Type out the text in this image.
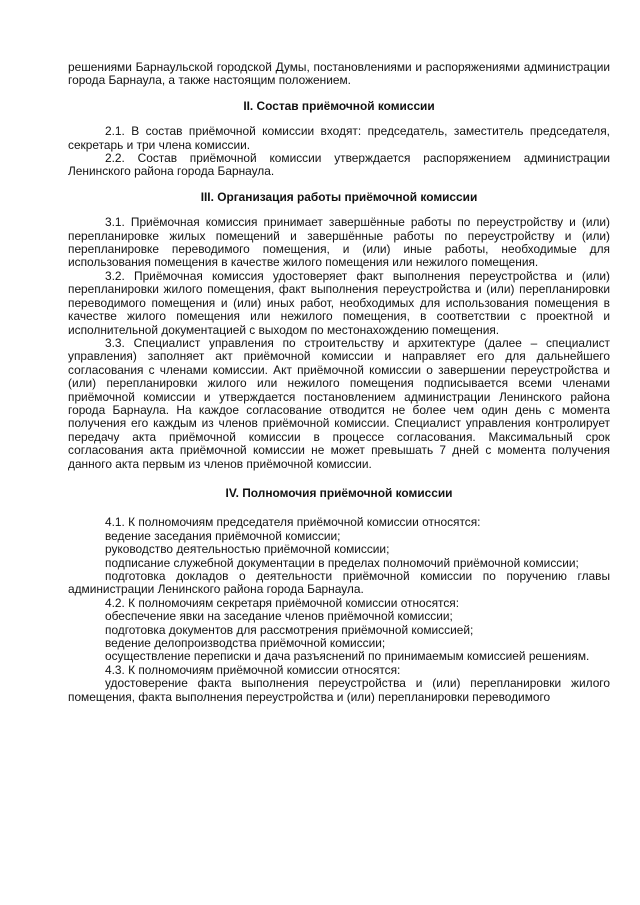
решениями Барнаульской городской Думы, постановлениями и распоряжениями администрации города Барнаула, а также настоящим положением.

II. Состав приёмочной комиссии

2.1. В состав приёмочной комиссии входят: председатель, заместитель председателя, секретарь и три члена комиссии.

2.2. Состав приёмочной комиссии утверждается распоряжением администрации Ленинского района города Барнаула.

III. Организация работы приёмочной комиссии

3.1. Приёмочная комиссия принимает завершённые работы по переустройству и (или) перепланировке жилых помещений и завершённые работы по переустройству и (или) перепланировке переводимого помещения, и (или) иные работы, необходимые для использования помещения в качестве жилого помещения или нежилого помещения.

3.2. Приёмочная комиссия удостоверяет факт выполнения переустройства и (или) перепланировки жилого помещения, факт выполнения переустройства и (или) перепланировки переводимого помещения и (или) иных работ, необходимых для использования помещения в качестве жилого помещения или нежилого помещения, в соответствии с проектной и исполнительной документацией с выходом по местонахождению помещения.

3.3. Специалист управления по строительству и архитектуре (далее – специалист управления) заполняет акт приёмочной комиссии и направляет его для дальнейшего согласования с членами комиссии. Акт приёмочной комиссии о завершении переустройства и (или) перепланировки жилого или нежилого помещения подписывается всеми членами приёмочной комиссии и утверждается постановлением администрации Ленинского района города Барнаула. На каждое согласование отводится не более чем один день с момента получения его каждым из членов приёмочной комиссии. Специалист управления контролирует передачу акта приёмочной комиссии в процессе согласования. Максимальный срок согласования акта приёмочной комиссии не может превышать 7 дней с момента получения данного акта первым из членов приёмочной комиссии.

IV. Полномочия приёмочной комиссии

4.1. К полномочиям председателя приёмочной комиссии относятся:

ведение заседания приёмочной комиссии;

руководство деятельностью приёмочной комиссии;

подписание служебной документации в пределах полномочий приёмочной комиссии;

подготовка докладов о деятельности приёмочной комиссии по поручению главы администрации Ленинского района города Барнаула.

4.2. К полномочиям секретаря приёмочной комиссии относятся:

обеспечение явки на заседание членов приёмочной комиссии;

подготовка документов для рассмотрения приёмочной комиссией;

ведение делопроизводства приёмочной комиссии;

осуществление переписки и дача разъяснений по принимаемым комиссией решениям.

4.3. К полномочиям приёмочной комиссии относятся:

удостоверение факта выполнения переустройства и (или) перепланировки жилого помещения, факта выполнения переустройства и (или) перепланировки переводимого
